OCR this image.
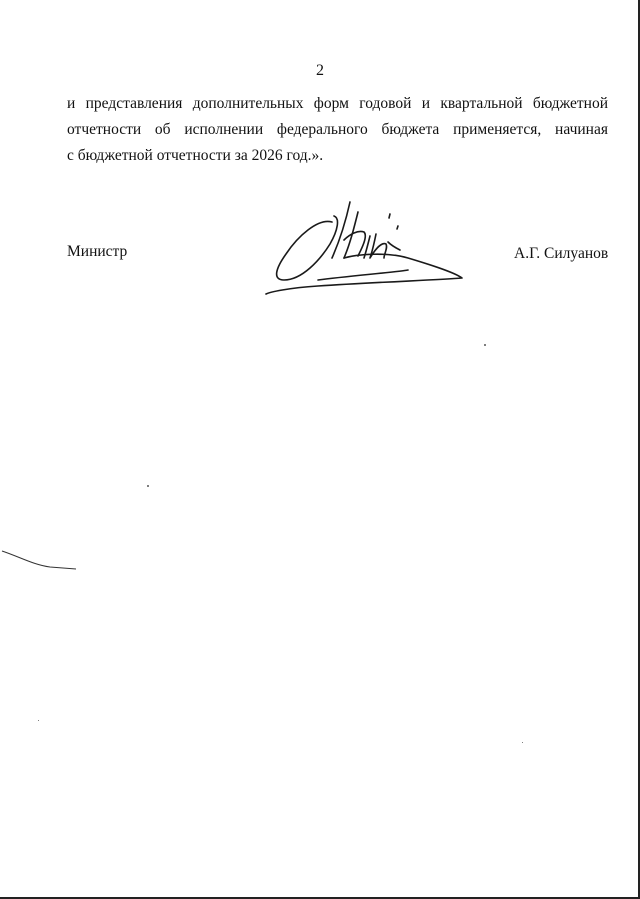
2
и представления дополнительных форм годовой и квартальной бюджетной
отчетности об исполнении федерального бюджета применяется, начиная
с бюджетной отчетности за 2026 год.».
Министр	А.Г. Силуанов
